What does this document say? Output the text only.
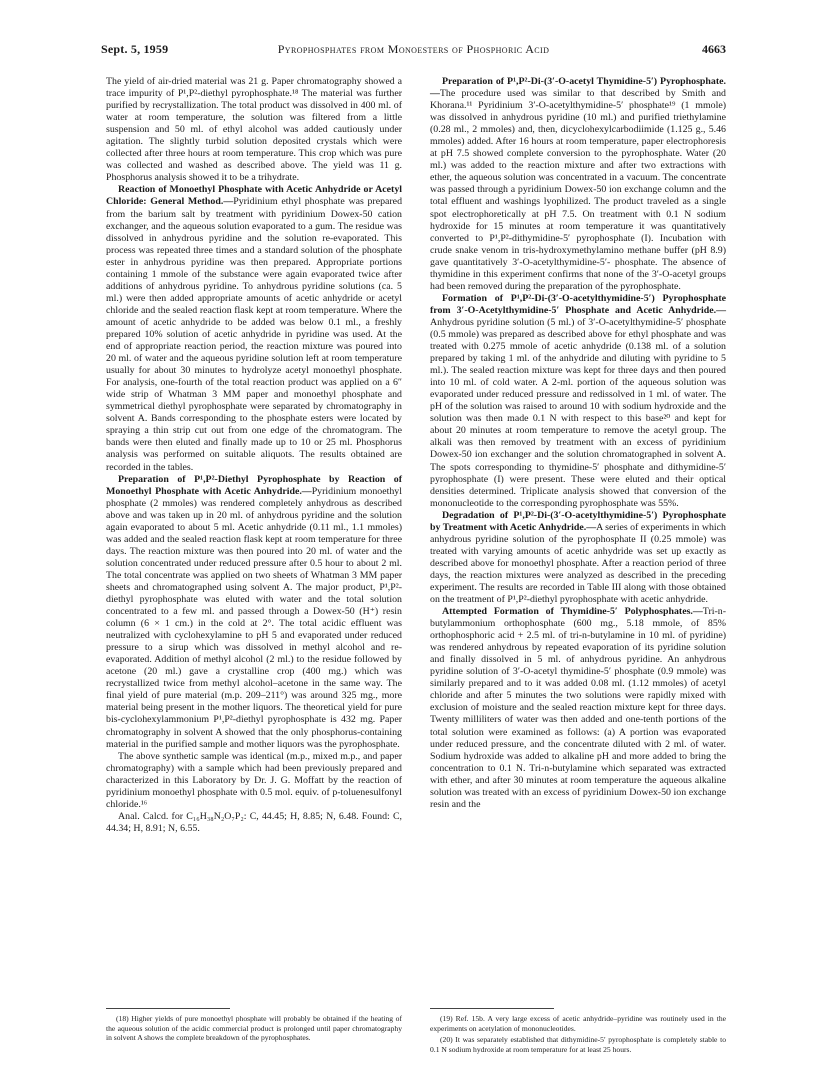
Sept. 5, 1959	Pyrophosphates from Monoesters of Phosphoric Acid	4663

The yield of air-dried material was 21 g. Paper chromatography showed a trace impurity of P¹,P²-diethyl pyrophosphate.¹⁸ The material was further purified by recrystallization. The total product was dissolved in 400 ml. of water at room temperature, the solution was filtered from a little suspension and 50 ml. of ethyl alcohol was added cautiously under agitation. The slightly turbid solution deposited crystals which were collected after three hours at room temperature. This crop which was pure was collected and washed as described above. The yield was 11 g. Phosphorus analysis showed it to be a trihydrate.

Reaction of Monoethyl Phosphate with Acetic Anhydride or Acetyl Chloride: General Method.—Pyridinium ethyl phosphate was prepared from the barium salt by treatment with pyridinium Dowex-50 cation exchanger, and the aqueous solution evaporated to a gum. The residue was dissolved in anhydrous pyridine and the solution re-evaporated. This process was repeated three times and a standard solution of the phosphate ester in anhydrous pyridine was then prepared. Appropriate portions containing 1 mmole of the substance were again evaporated twice after additions of anhydrous pyridine. To anhydrous pyridine solutions (ca. 5 ml.) were then added appropriate amounts of acetic anhydride or acetyl chloride and the sealed reaction flask kept at room temperature. Where the amount of acetic anhydride to be added was below 0.1 ml., a freshly prepared 10% solution of acetic anhydride in pyridine was used. At the end of appropriate reaction period, the reaction mixture was poured into 20 ml. of water and the aqueous pyridine solution left at room temperature usually for about 30 minutes to hydrolyze acetyl monoethyl phosphate. For analysis, one-fourth of the total reaction product was applied on a 6″ wide strip of Whatman 3 MM paper and monoethyl phosphate and symmetrical diethyl pyrophosphate were separated by chromatography in solvent A. Bands corresponding to the phosphate esters were located by spraying a thin strip cut out from one edge of the chromatogram. The bands were then eluted and finally made up to 10 or 25 ml. Phosphorus analysis was performed on suitable aliquots. The results obtained are recorded in the tables.

Preparation of P¹,P²-Diethyl Pyrophosphate by Reaction of Monoethyl Phosphate with Acetic Anhydride.—Pyridinium monoethyl phosphate (2 mmoles) was rendered completely anhydrous as described above and was taken up in 20 ml. of anhydrous pyridine and the solution again evaporated to about 5 ml. Acetic anhydride (0.11 ml., 1.1 mmoles) was added and the sealed reaction flask kept at room temperature for three days. The reaction mixture was then poured into 20 ml. of water and the solution concentrated under reduced pressure after 0.5 hour to about 2 ml. The total concentrate was applied on two sheets of Whatman 3 MM paper sheets and chromatographed using solvent A. The major product, P¹,P²-diethyl pyrophosphate was eluted with water and the total solution concentrated to a few ml. and passed through a Dowex-50 (H⁺) resin column (6 × 1 cm.) in the cold at 2°. The total acidic effluent was neutralized with cyclohexylamine to pH 5 and evaporated under reduced pressure to a sirup which was dissolved in methyl alcohol and re-evaporated. Addition of methyl alcohol (2 ml.) to the residue followed by acetone (20 ml.) gave a crystalline crop (400 mg.) which was recrystallized twice from methyl alcohol–acetone in the same way. The final yield of pure material (m.p. 209–211°) was around 325 mg., more material being present in the mother liquors. The theoretical yield for pure bis-cyclohexylammonium P¹,P²-diethyl pyrophosphate is 432 mg. Paper chromatography in solvent A showed that the only phosphorus-containing material in the purified sample and mother liquors was the pyrophosphate.

The above synthetic sample was identical (m.p., mixed m.p., and paper chromatography) with a sample which had been previously prepared and characterized in this Laboratory by Dr. J. G. Moffatt by the reaction of pyridinium monoethyl phosphate with 0.5 mol. equiv. of p-toluenesulfonyl chloride.¹⁶

Anal. Calcd. for C₁₆H₃₈N₂O₇P₂: C, 44.45; H, 8.85; N, 6.48. Found: C, 44.34; H, 8.91; N, 6.55.

Preparation of P¹,P²-Di-(3′-O-acetyl Thymidine-5′) Pyrophosphate.—The procedure used was similar to that described by Smith and Khorana.¹¹ Pyridinium 3′-O-acetylthymidine-5′ phosphate¹⁹ (1 mmole) was dissolved in anhydrous pyridine (10 ml.) and purified triethylamine (0.28 ml., 2 mmoles) and, then, dicyclohexylcarbodiimide (1.125 g., 5.46 mmoles) added. After 16 hours at room temperature, paper electrophoresis at pH 7.5 showed complete conversion to the pyrophosphate. Water (20 ml.) was added to the reaction mixture and after two extractions with ether, the aqueous solution was concentrated in a vacuum. The concentrate was passed through a pyridinium Dowex-50 ion exchange column and the total effluent and washings lyophilized. The product traveled as a single spot electrophoretically at pH 7.5. On treatment with 0.1 N sodium hydroxide for 15 minutes at room temperature it was quantitatively converted to P¹,P²-dithymidine-5′ pyrophosphate (I). Incubation with crude snake venom in tris-hydroxymethylamino methane buffer (pH 8.9) gave quantitatively 3′-O-acetylthymidine-5′- phosphate. The absence of thymidine in this experiment confirms that none of the 3′-O-acetyl groups had been removed during the preparation of the pyrophosphate.

Formation of P¹,P²-Di-(3′-O-acetylthymidine-5′) Pyrophosphate from 3′-O-Acetylthymidine-5′ Phosphate and Acetic Anhydride.—Anhydrous pyridine solution (5 ml.) of 3′-O-acetylthymidine-5′ phosphate (0.5 mmole) was prepared as described above for ethyl phosphate and was treated with 0.275 mmole of acetic anhydride (0.138 ml. of a solution prepared by taking 1 ml. of the anhydride and diluting with pyridine to 5 ml.). The sealed reaction mixture was kept for three days and then poured into 10 ml. of cold water. A 2-ml. portion of the aqueous solution was evaporated under reduced pressure and redissolved in 1 ml. of water. The pH of the solution was raised to around 10 with sodium hydroxide and the solution was then made 0.1 N with respect to this base²⁰ and kept for about 20 minutes at room temperature to remove the acetyl group. The alkali was then removed by treatment with an excess of pyridinium Dowex-50 ion exchanger and the solution chromatographed in solvent A. The spots corresponding to thymidine-5′ phosphate and dithymidine-5′ pyrophosphate (I) were present. These were eluted and their optical densities determined. Triplicate analysis showed that conversion of the mononucleotide to the corresponding pyrophosphate was 55%.

Degradation of P¹,P²-Di-(3′-O-acetylthymidine-5′) Pyrophosphate by Treatment with Acetic Anhydride.—A series of experiments in which anhydrous pyridine solution of the pyrophosphate II (0.25 mmole) was treated with varying amounts of acetic anhydride was set up exactly as described above for monoethyl phosphate. After a reaction period of three days, the reaction mixtures were analyzed as described in the preceding experiment. The results are recorded in Table III along with those obtained on the treatment of P¹,P²-diethyl pyrophosphate with acetic anhydride.

Attempted Formation of Thymidine-5′ Polyphosphates.—Tri-n-butylammonium orthophosphate (600 mg., 5.18 mmole, of 85% orthophosphoric acid + 2.5 ml. of tri-n-butylamine in 10 ml. of pyridine) was rendered anhydrous by repeated evaporation of its pyridine solution and finally dissolved in 5 ml. of anhydrous pyridine. An anhydrous pyridine solution of 3′-O-acetyl thymidine-5′ phosphate (0.9 mmole) was similarly prepared and to it was added 0.08 ml. (1.12 mmoles) of acetyl chloride and after 5 minutes the two solutions were rapidly mixed with exclusion of moisture and the sealed reaction mixture kept for three days. Twenty milliliters of water was then added and one-tenth portions of the total solution were examined as follows: (a) A portion was evaporated under reduced pressure, and the concentrate diluted with 2 ml. of water. Sodium hydroxide was added to alkaline pH and more added to bring the concentration to 0.1 N. Tri-n-butylamine which separated was extracted with ether, and after 30 minutes at room temperature the aqueous alkaline solution was treated with an excess of pyridinium Dowex-50 ion exchange resin and the

(18) Higher yields of pure monoethyl phosphate will probably be obtained if the heating of the aqueous solution of the acidic commercial product is prolonged until paper chromatography in solvent A shows the complete breakdown of the pyrophosphates.

(19) Ref. 15b. A very large excess of acetic anhydride–pyridine was routinely used in the experiments on acetylation of mononucleotides.

(20) It was separately established that dithymidine-5′ pyrophosphate is completely stable to 0.1 N sodium hydroxide at room temperature for at least 25 hours.
